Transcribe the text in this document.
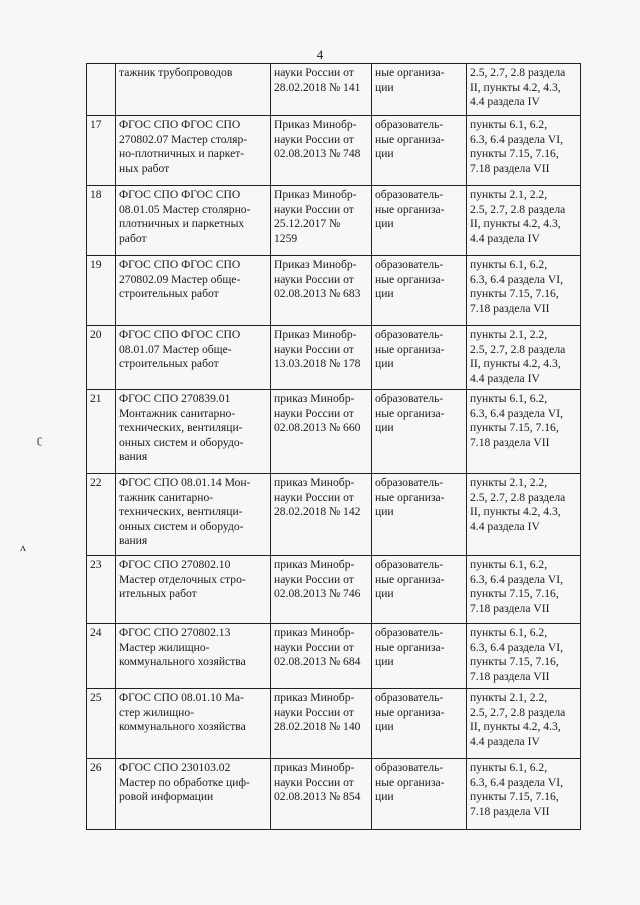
4
	тажник трубопроводов	науки России от
28.02.2018 № 141	ные организа-
ции	2.5, 2.7, 2.8 раздела
II, пункты 4.2, 4.3,
4.4 раздела IV
17	ФГОС СПО ФГОС СПО
270802.07 Мастер столяр-
но-плотничных и паркет-
ных работ	Приказ Минобр-
науки России от
02.08.2013 № 748	образователь-
ные организа-
ции	пункты 6.1, 6.2,
6.3, 6.4 раздела VI,
пункты 7.15, 7.16,
7.18 раздела VII
18	ФГОС СПО ФГОС СПО
08.01.05 Мастер столярно-
плотничных и паркетных
работ	Приказ Минобр-
науки России от
25.12.2017 №
1259	образователь-
ные организа-
ции	пункты 2.1, 2.2,
2.5, 2.7, 2.8 раздела
II, пункты 4.2, 4.3,
4.4 раздела IV
19	ФГОС СПО ФГОС СПО
270802.09 Мастер обще-
строительных работ	Приказ Минобр-
науки России от
02.08.2013 № 683	образователь-
ные организа-
ции	пункты 6.1, 6.2,
6.3, 6.4 раздела VI,
пункты 7.15, 7.16,
7.18 раздела VII
20	ФГОС СПО ФГОС СПО
08.01.07 Мастер обще-
строительных работ	Приказ Минобр-
науки России от
13.03.2018 № 178	образователь-
ные организа-
ции	пункты 2.1, 2.2,
2.5, 2.7, 2.8 раздела
II, пункты 4.2, 4.3,
4.4 раздела IV
21	ФГОС СПО 270839.01
Монтажник санитарно-
технических, вентиляци-
онных систем и оборудо-
вания	приказ Минобр-
науки России от
02.08.2013 № 660	образователь-
ные организа-
ции	пункты 6.1, 6.2,
6.3, 6.4 раздела VI,
пункты 7.15, 7.16,
7.18 раздела VII
22	ФГОС СПО 08.01.14 Мон-
тажник санитарно-
технических, вентиляци-
онных систем и оборудо-
вания	приказ Минобр-
науки России от
28.02.2018 № 142	образователь-
ные организа-
ции	пункты 2.1, 2.2,
2.5, 2.7, 2.8 раздела
II, пункты 4.2, 4.3,
4.4 раздела IV
23	ФГОС СПО 270802.10
Мастер отделочных стро-
ительных работ	приказ Минобр-
науки России от
02.08.2013 № 746	образователь-
ные организа-
ции	пункты 6.1, 6.2,
6.3, 6.4 раздела VI,
пункты 7.15, 7.16,
7.18 раздела VII
24	ФГОС СПО 270802.13
Мастер жилищно-
коммунального хозяйства	приказ Минобр-
науки России от
02.08.2013 № 684	образователь-
ные организа-
ции	пункты 6.1, 6.2,
6.3, 6.4 раздела VI,
пункты 7.15, 7.16,
7.18 раздела VII
25	ФГОС СПО 08.01.10 Ма-
стер жилищно-
коммунального хозяйства	приказ Минобр-
науки России от
28.02.2018 № 140	образователь-
ные организа-
ции	пункты 2.1, 2.2,
2.5, 2.7, 2.8 раздела
II, пункты 4.2, 4.3,
4.4 раздела IV
26	ФГОС СПО 230103.02
Мастер по обработке циф-
ровой информации	приказ Минобр-
науки России от
02.08.2013 № 854	образователь-
ные организа-
ции	пункты 6.1, 6.2,
6.3, 6.4 раздела VI,
пункты 7.15, 7.16,
7.18 раздела VII
ʗ
ᴧ
